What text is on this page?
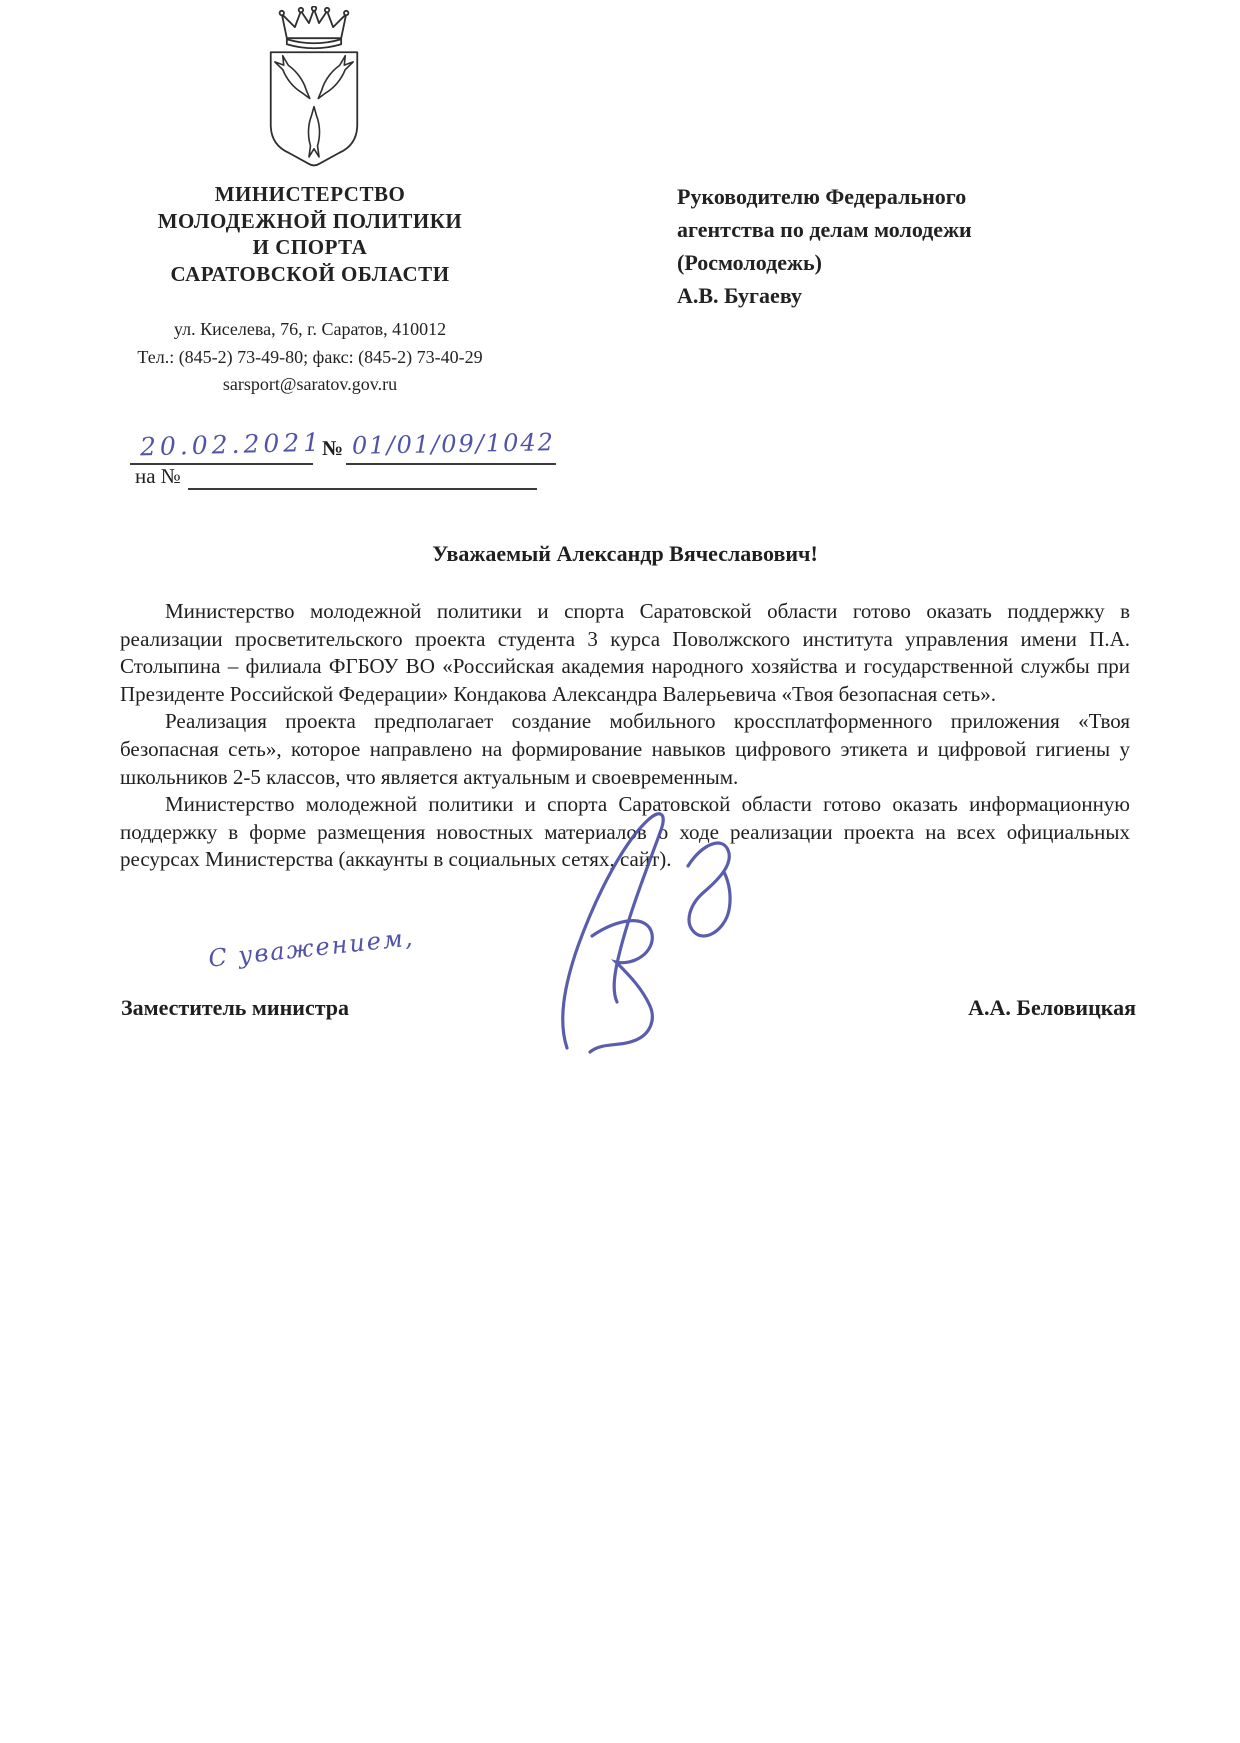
МИНИСТЕРСТВО
МОЛОДЕЖНОЙ ПОЛИТИКИ
И СПОРТА
САРАТОВСКОЙ ОБЛАСТИ
ул. Киселева, 76, г. Саратов, 410012
Тел.: (845-2) 73-49-80; факс: (845-2) 73-40-29
sarsport@saratov.gov.ru
20.02.2021
№ 01/01/09/1042
на №
Руководителю Федерального
агентства по делам молодежи
(Росмолодежь)
А.В. Бугаеву
Уважаемый Александр Вячеславович!

Министерство молодежной политики и спорта Саратовской области готово оказать поддержку в реализации просветительского проекта студента 3 курса Поволжского института управления имени П.А. Столыпина – филиала ФГБОУ ВО «Российская академия народного хозяйства и государственной службы при Президенте Российской Федерации» Кондакова Александра Валерьевича «Твоя безопасная сеть».

Реализация проекта предполагает создание мобильного кроссплатформенного приложения «Твоя безопасная сеть», которое направлено на формирование навыков цифрового этикета и цифровой гигиены у школьников 2-5 классов, что является актуальным и своевременным.

Министерство молодежной политики и спорта Саратовской области готово оказать информационную поддержку в форме размещения новостных материалов о ходе реализации проекта на всех официальных ресурсах Министерства (аккаунты в социальных сетях, сайт).

С уважением,
Заместитель министра	А.А. Беловицкая
